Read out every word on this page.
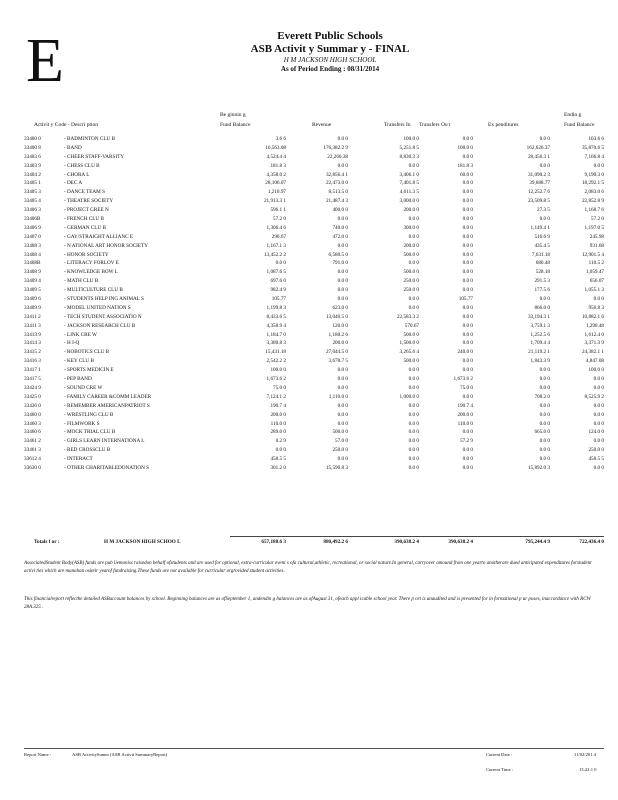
E	Everett Public Schools
ASB Activit y Summar y - FINAL
H M JACKSON HIGH SCHOOL
As of Period Ending : 08/31/2014
Activit y Code - Descri ption
Be ginnin g
Fund Balance	Revenue	Transfers In Transfers Ou t	Ex penditures
Endin g
Fund Balance
33400 0	- BADMINTON CLU B	3.6 6	0.0 0	100.0 0	0.0 0	0.0 0	103.6 6
33400 8	- BAND	16,563.08	176,382.2 9	5,251.8 5	100.0 0	162,626.37	35,870.6 5
33403 6	- CHEER STAFF-VARSITY	4,524.4 4	22,260.38	8,830.3 3	0.0 0	28,456.3 1	7,166.8 4
33403 9	- CHESS CLU B	181.8 3	0.0 0	0.0 0	181.8 3	0.0 0	0.0 0
33404 2	- CHORA L	4,358.0 2	32,856.4 1	3,406.1 0	60.0 0	31,090.2 3	9,190.3 0
33405 1	- DEC A	28,106.07	22,473.0 0	7,401.8 5	0.0 0	39,688.77	18,292.1 5
33405 3	- DANCE TEAM S	1,210.97	8,513.5 0	4,611.3 5	0.0 0	12,252.7 6	2,083.0 6
33405 4	- THEATRE SOCIETY	21,913.3 1	21,487.4 3	3,000.0 0	0.0 0	23,509.8 5	22,852.8 9
33406 3	- PROJECT GREE N	596.1 1	400.0 0	200.0 0	0.0 0	27.3 5	1,168.7 6
33406B	- FRENCH CLU B	57.2 0	0.0 0	0.0 0	0.0 0	0.0 0	57.2 0
33406 9	- GERMAN CLU B	1,306.4 6	740.0 0	300.0 0	0.0 0	1,149.4 1	1,197.0 5
33407 0	- GAY/STRAIGHT ALLIANC E	290.67	472.0 0	0.0 0	0.0 0	516.6 9	245.98
33408 3	- N ATIONAL ART HONOR SOCIETY	1,167.1 3	0.0 0	200.0 0	0.0 0	435.4 5	931.68
33408 4	- HONOR SOCIETY	13,452.2 2	6,580.5 0	500.0 0	0.0 0	7,631.18	12,901.5 4
33408B	- LITERACY FORLOV E	0.0 0	791.0 0	0.0 0	0.0 0	680.48	110.5 2
33408 9	- KNOWLEDGE BOW L	1,087.6 5	0.0 0	500.0 0	0.0 0	528.18	1,059.47
33409 4	- MATH CLU B	697.6 0	0.0 0	250.0 0	0.0 0	291.5 3	656.07
33409 5	- MULTICULTURE CLU B	982.4 9	0.0 0	250.0 0	0.0 0	177.5 6	1,055.1 3
33409 6	- STUDENTS HELP ING ANIMAL S	105.77	0.0 0	0.0 0	105.77	0.0 0	0.0 0
33409 9	- MODEL UNITED NATION S	1,199.8 3	623.0 0	0.0 0	0.0 0	866.0 0	956.8 3
33411 2	- TECH STUDENT ASSOCIATIO N	8,433.6 5	13,040.5 0	22,583.3 2	0.0 0	33,194.3 1	10,882.1 6
33411 3	- JACKSON RESEARCH CLU B	4,358.9 4	120.0 0	570.67	0.0 0	3,759.1 3	1,290.48
33413 9	- LINK CRE W	1,184.7 0	1,180.2 6	500.0 0	0.0 0	1,252.5 6	1,612.4 0
33414 3	- H I-Q	3,380.8 3	200.0 0	1,500.0 0	0.0 0	1,709.4 4	3,371.3 9
33415 2	- ROBOTICS CLU B	15,431.18	27,044.5 0	3,265.6 4	240.0 0	21,119.2 1	24,382.1 1
33416 3	- KEY CLU B	2,542.2 2	3,678.7 5	500.0 0	0.0 0	1,843.3 9	4,847.08
33417 1	- SPORTS MEDICIN E	100.0 0	0.0 0	0.0 0	0.0 0	0.0 0	100.0 0
33417 5	- PEP BAND	1,673.6 2	0.0 0	0.0 0	1,673.6 2	0.0 0	0.0 0
33424 9	- SOUND CRE W	75.0 0	0.0 0	0.0 0	75.0 0	0.0 0	0.0 0
33425 0	- FAMILY CAREER &COMM LEADER	7,124.1 2	1,110.0 0	1,000.0 0	0.0 0	708.2 0	8,525.9 2
33436 0	- REMEMBER AMERICANPATRIOT S	190.7 4	0.0 0	0.0 0	190.7 4	0.0 0	0.0 0
33460 0	- WRESTLING CLU B	200.0 0	0.0 0	0.0 0	200.0 0	0.0 0	0.0 0
33460 3	- FILMWORK S	110.0 0	0.0 0	0.0 0	110.0 0	0.0 0	0.0 0
33460 6	- MOCK TRIAL CLU B	289.0 0	500.0 0	0.0 0	0.0 0	665.0 0	124.0 0
33461 2	- GIRLS LEARN INTERNATIONA L	0.2 9	57.0 0	0.0 0	57.2 9	0.0 0	0.0 0
33461 3	- RED CROSSCLU B	0.0 0	250.0 0	0.0 0	0.0 0	0.0 0	250.0 0
33612 4	- INTERACT	458.5 5	0.0 0	0.0 0	0.0 0	0.0 0	458.5 5
33630 0	- OTHER CHARITABLEDONATION S	301.2 0	15,590.8 3	0.0 0	0.0 0	15,892.0 3	0.0 0
Totals f or :	H M JACKSON HIGH SCHOO L	657,188.6 3	880,492.2 6	390,638.2 4	390,638.2 4	795,244.4 9	722,436.4 0
AssociatedStudent Body(ASB) funds are pub liemoniss raisedon behalf ofstudents and are used for optional, extra-curricular event s ofa cultural,athletic, recreational, or social nature.In general, carryover amound from one yearto anotherare dued anticipated expenditures forstudent activi ties which are manahan ositeir yearof fundraising.These funds are not available for curricular orgrovided student activities.
This financialreport reflecthe detailed ASBaccount balances by school. Beginning balances are as ofSeptember 1, andendin g balances are as ofAugust 31, ofeach appl icable school year. There p ort is unaudited and is presented for in formational p ur poses, inaccordance with RCW 28A.325 .
Report Name :	ASB ActivitySumm (ASB Activit SummaryReport)	Current Date :	11/02/201 4
Current Time :	13:22:1 0
